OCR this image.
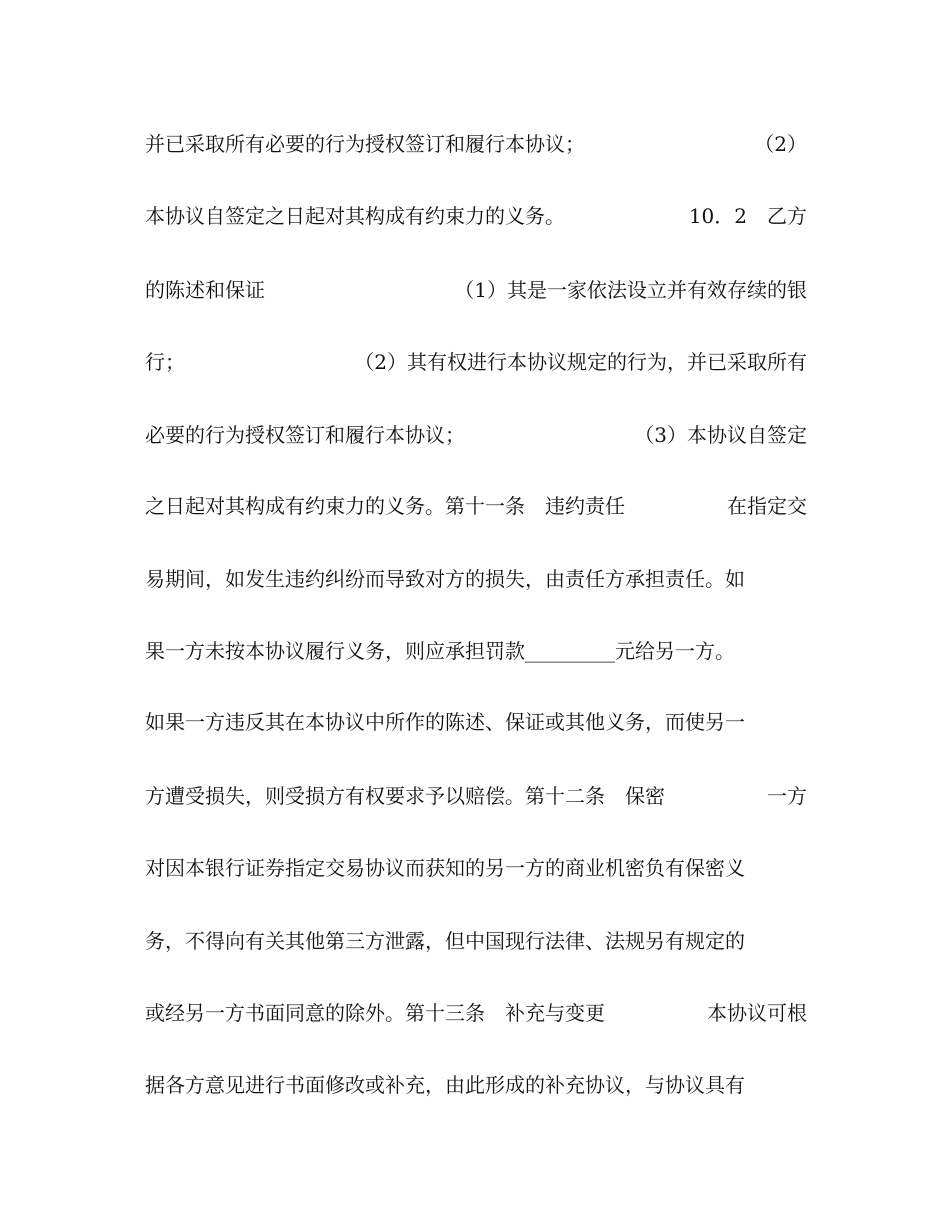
并已采取所有必要的行为授权签订和履行本协议；

	（2）

本协议自签定之日起对其构成有约束力的义务。

	10．2　乙方

的陈述和保证

	（1）其是一家依法设立并有效存续的银

行；

	（2）其有权进行本协议规定的行为，并已采取所有

必要的行为授权签订和履行本协议；

	（3）本协议自签定

之日起对其构成有约束力的义务。第十一条　违约责任

	在指定交

易期间，如发生违约纠纷而导致对方的损失，由责任方承担责任。如

果一方未按本协议履行义务，则应承担罚款_________元给另一方。

如果一方违反其在本协议中所作的陈述、保证或其他义务，而使另一

方遭受损失，则受损方有权要求予以赔偿。第十二条　保密

	一方

对因本银行证券指定交易协议而获知的另一方的商业机密负有保密义

务，不得向有关其他第三方泄露，但中国现行法律、法规另有规定的

或经另一方书面同意的除外。第十三条　补充与变更

	本协议可根

据各方意见进行书面修改或补充，由此形成的补充协议，与协议具有
